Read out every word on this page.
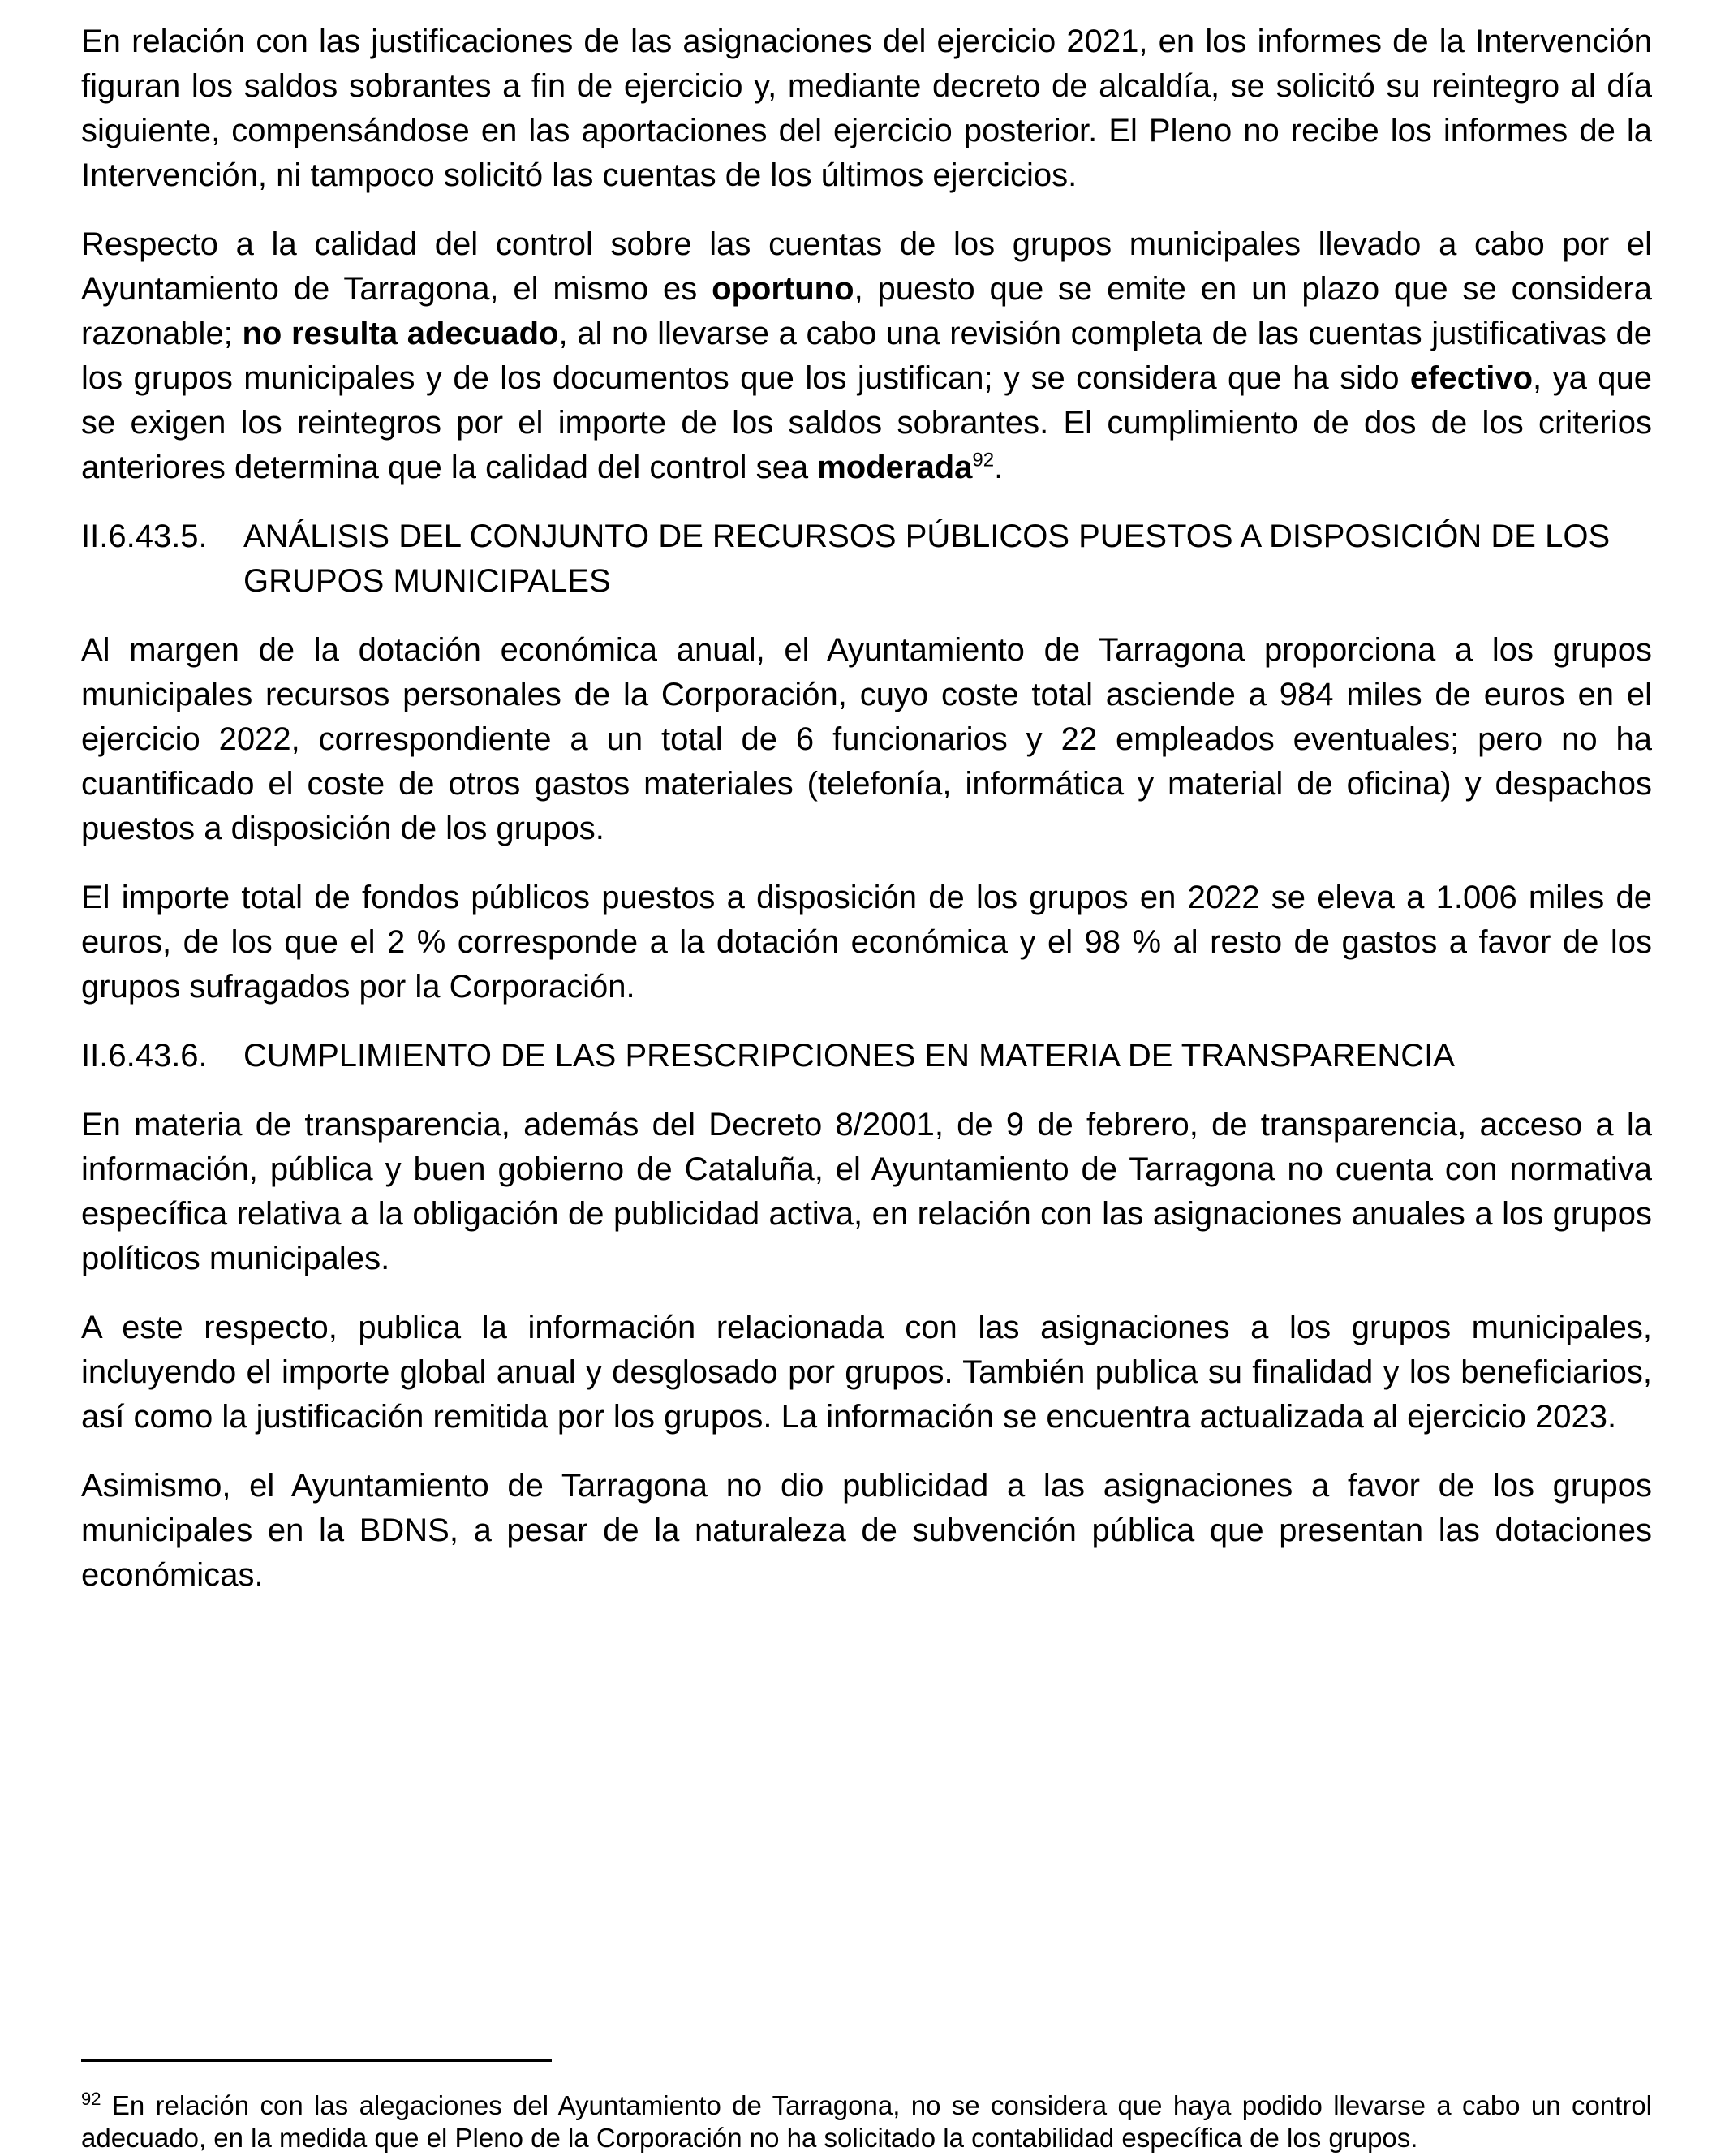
En relación con las justificaciones de las asignaciones del ejercicio 2021, en los informes de la Intervención figuran los saldos sobrantes a fin de ejercicio y, mediante decreto de alcaldía, se solicitó su reintegro al día siguiente, compensándose en las aportaciones del ejercicio posterior. El Pleno no recibe los informes de la Intervención, ni tampoco solicitó las cuentas de los últimos ejercicios.

Respecto a la calidad del control sobre las cuentas de los grupos municipales llevado a cabo por el Ayuntamiento de Tarragona, el mismo es oportuno, puesto que se emite en un plazo que se considera razonable; no resulta adecuado, al no llevarse a cabo una revisión completa de las cuentas justificativas de los grupos municipales y de los documentos que los justifican; y se considera que ha sido efectivo, ya que se exigen los reintegros por el importe de los saldos sobrantes. El cumplimiento de dos de los criterios anteriores determina que la calidad del control sea moderada$^{92}$.

II.6.43.5.	ANÁLISIS DEL CONJUNTO DE RECURSOS PÚBLICOS PUESTOS A DISPOSICIÓN DE LOS GRUPOS MUNICIPALES

Al margen de la dotación económica anual, el Ayuntamiento de Tarragona proporciona a los grupos municipales recursos personales de la Corporación, cuyo coste total asciende a 984 miles de euros en el ejercicio 2022, correspondiente a un total de 6 funcionarios y 22 empleados eventuales; pero no ha cuantificado el coste de otros gastos materiales (telefonía, informática y material de oficina) y despachos puestos a disposición de los grupos.

El importe total de fondos públicos puestos a disposición de los grupos en 2022 se eleva a 1.006 miles de euros, de los que el 2 % corresponde a la dotación económica y el 98 % al resto de gastos a favor de los grupos sufragados por la Corporación.

II.6.43.6.	CUMPLIMIENTO DE LAS PRESCRIPCIONES EN MATERIA DE TRANSPARENCIA

En materia de transparencia, además del Decreto 8/2001, de 9 de febrero, de transparencia, acceso a la información, pública y buen gobierno de Cataluña, el Ayuntamiento de Tarragona no cuenta con normativa específica relativa a la obligación de publicidad activa, en relación con las asignaciones anuales a los grupos políticos municipales.

A este respecto, publica la información relacionada con las asignaciones a los grupos municipales, incluyendo el importe global anual y desglosado por grupos. También publica su finalidad y los beneficiarios, así como la justificación remitida por los grupos. La información se encuentra actualizada al ejercicio 2023.

Asimismo, el Ayuntamiento de Tarragona no dio publicidad a las asignaciones a favor de los grupos municipales en la BDNS, a pesar de la naturaleza de subvención pública que presentan las dotaciones económicas.

$^{92}$ En relación con las alegaciones del Ayuntamiento de Tarragona, no se considera que haya podido llevarse a cabo un control adecuado, en la medida que el Pleno de la Corporación no ha solicitado la contabilidad específica de los grupos.
